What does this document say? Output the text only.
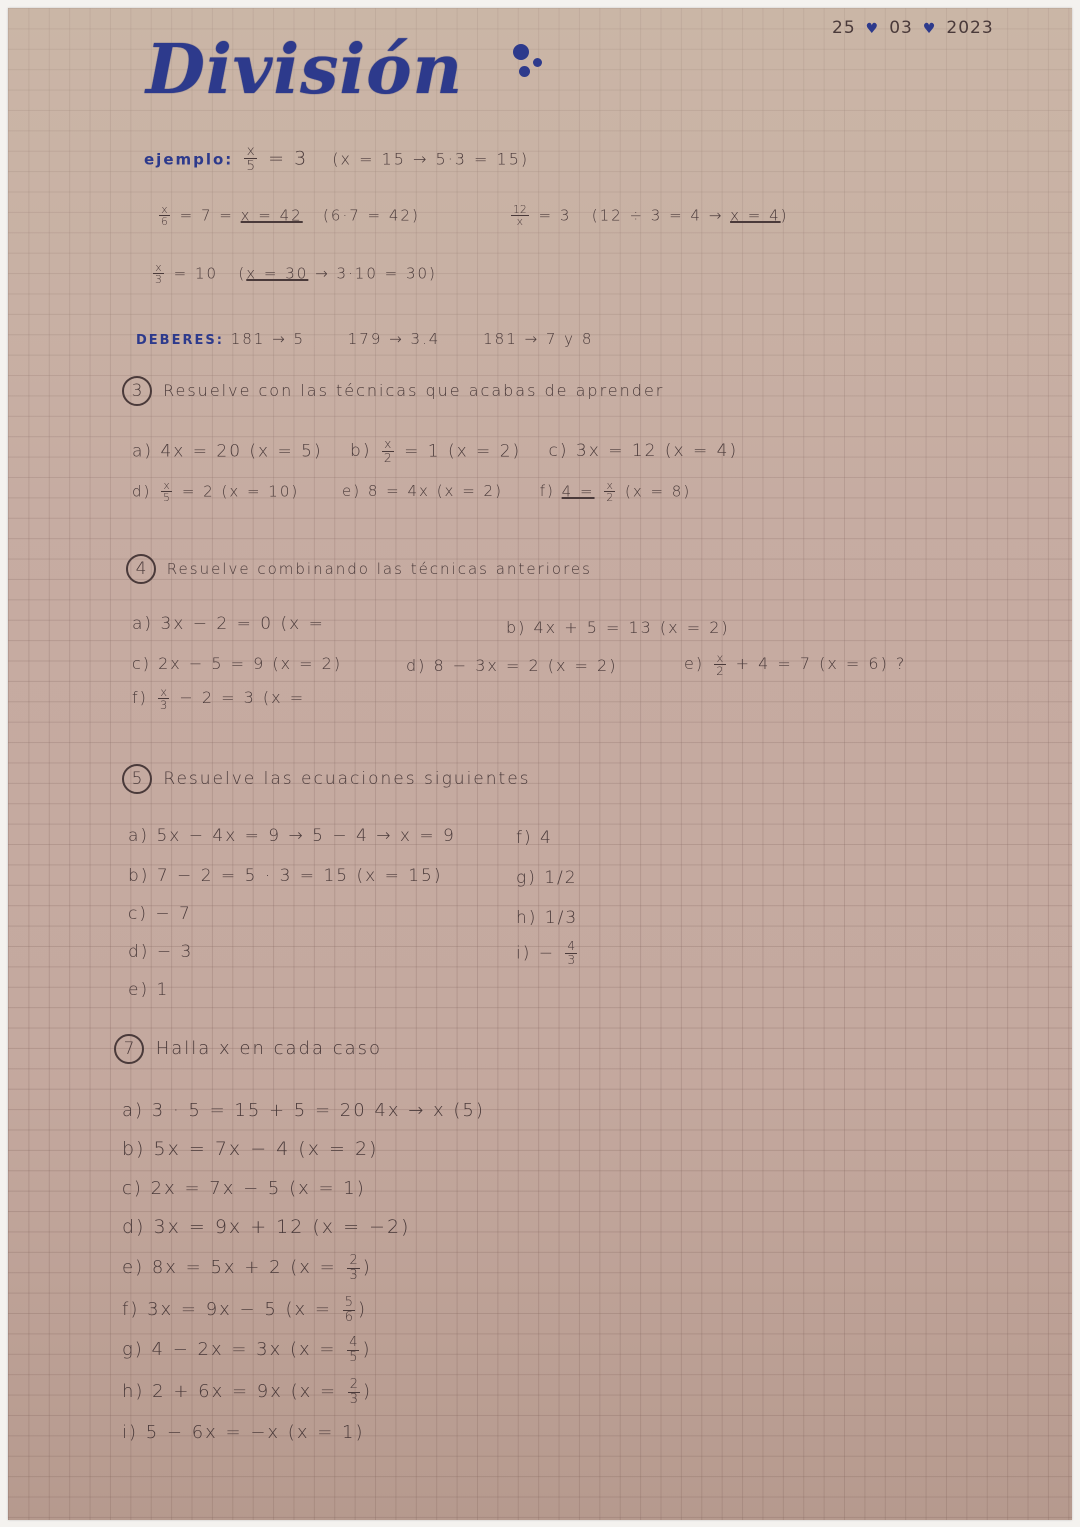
División
25 ♥ 03 ♥ 2023
ejemplo: $\frac{x}{5} = 3$ (x = 15 → 5·3 = 15)
$\frac{x}{6} = 7 = x = 42$ (6·7 = 42)	$\frac{12}{x} = 3$ (12 ÷ 3 = 4 → x = 4)
$\frac{x}{3} = 10$ (x = 30 → 3·10 = 30)
DEBERES: 181 → 5	179 → 3.4	181 → 7 y 8
3 Resuelve con las técnicas que acabas de aprender
a) 4x = 20 (x = 5) $b) \frac{x}{2} = 1$ (x = 2) c) 3x = 12 (x = 4)
$d) \frac{x}{5} = 2$ (x = 10)	e) 8 = 4x (x = 2) f) $4 = \frac{x}{2} (x = 8)$
4 Resuelve combinando las técnicas anteriores
a) 3x − 2 = 0 (x =	b) 4x + 5 = 13 (x = 2)
c) 2x − 5 = 9 (x = 2)	d) 8 − 3x = 2 (x = 2)	$e) \frac{x}{2} + 4 = 7$ (x = 6) ?
$f) \frac{x}{3} - 2 = 3$ (x =
5 Resuelve las ecuaciones siguientes
a) 5x − 4x = 9 → 5 − 4 → x = 9
b) 7 − 2 = 5 · 3 = 15 (x = 15)
c) − 7
d) − 3
e) 1
f) 4
g) 1/2
h) 1/3
$i) - \frac{4}{3}$
7 Halla x en cada caso
a) 3 · 5 = 15 + 5 = 20 4x → x (5)
b) 5x = 7x − 4 (x = 2)
c) 2x = 7x − 5 (x = 1)
d) 3x = 9x + 12 (x = −2)
e) 8x = 5x + 2 ($x = \frac{2}{3}$ )
f) 3x = 9x − 5 ($x = \frac{5}{6}$ )
g) 4 − 2x = 3x ($x = \frac{4}{5}$ )
h) 2 + 6x = 9x ($x = \frac{2}{3}$ )
i) 5 − 6x = −x (x = 1)
